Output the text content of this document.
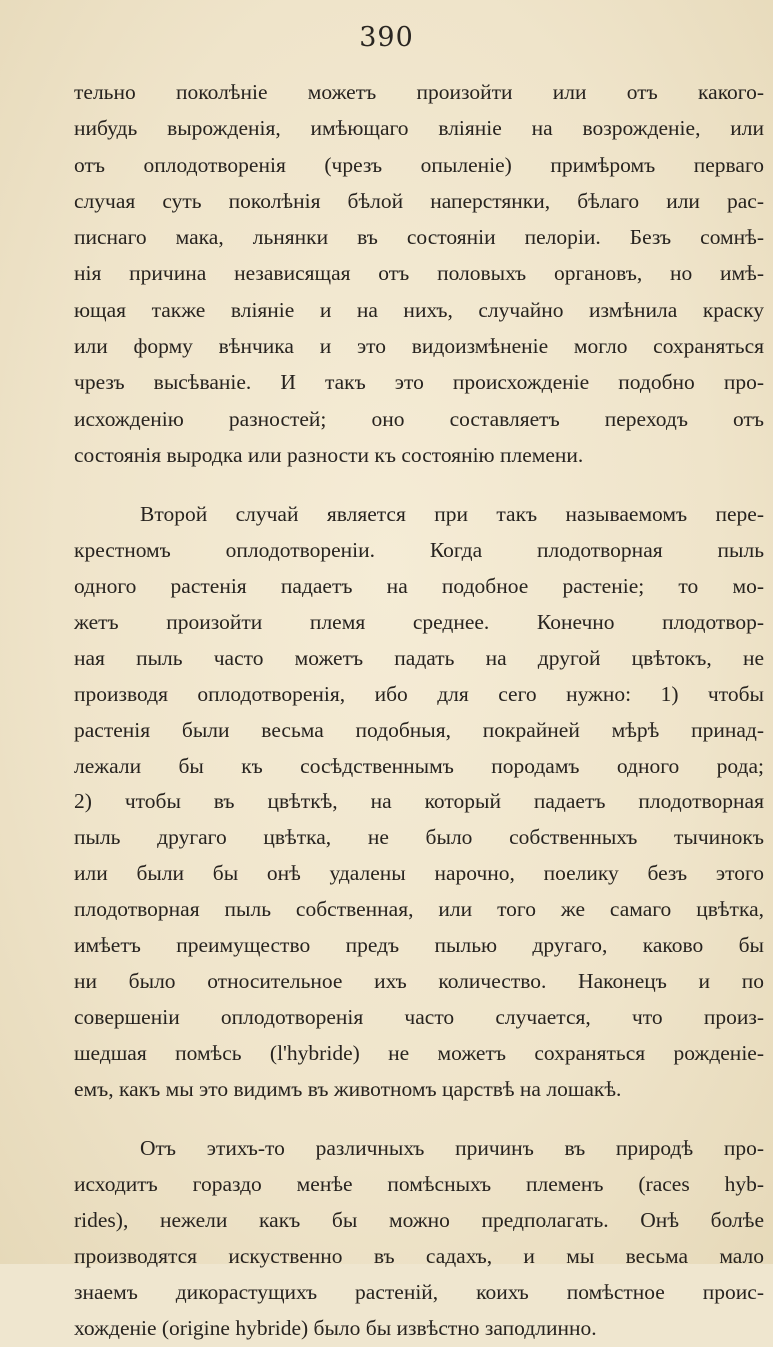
390
тельно поколѣніе можетъ произойти или отъ какого-
нибудь вырожденія, имѣющаго вліяніе на возрожденіе, или
отъ оплодотворенія (чрезъ опыленіе) примѣромъ перваго
случая суть поколѣнія бѣлой наперстянки, бѣлаго или рас-
писнаго мака, льнянки въ состояніи пелоріи. Безъ сомнѣ-
нія причина независящая отъ половыхъ органовъ, но имѣ-
ющая также вліяніе и на нихъ, случайно измѣнила краску
или форму вѣнчика и это видоизмѣненіе могло сохраняться
чрезъ высѣваніе. И такъ это происхожденіе подобно про-
исхожденію разностей; оно составляетъ переходъ отъ
состоянія выродка или разности къ состоянію племени.
Второй случай является при такъ называемомъ пере-
крестномъ оплодотвореніи. Когда плодотворная пыль
одного растенія падаетъ на подобное растеніе; то мо-
жетъ произойти племя среднее. Конечно плодотвор-
ная пыль часто можетъ падать на другой цвѣтокъ, не
производя оплодотворенія, ибо для сего нужно: 1) чтобы
растенія были весьма подобныя, покрайней мѣрѣ принад-
лежали бы къ сосѣдственнымъ породамъ одного рода;
2) чтобы въ цвѣткѣ, на который падаетъ плодотворная
пыль другаго цвѣтка, не было собственныхъ тычинокъ
или были бы онѣ удалены нарочно, поелику безъ этого
плодотворная пыль собственная, или того же самаго цвѣтка,
имѣетъ преимущество предъ пылью другаго, каково бы
ни было относительное ихъ количество. Наконецъ и по
совершеніи оплодотворенія часто случается, что произ-
шедшая помѣсь (l'hybride) не можетъ сохраняться рожденіе-
емъ, какъ мы это видимъ въ животномъ царствѣ на лошакѣ.
Отъ этихъ-то различныхъ причинъ въ природѣ про-
исходитъ гораздо менѣе помѣсныхъ племенъ (races hyb-
rides), нежели какъ бы можно предполагать. Онѣ болѣе
производятся искуственно въ садахъ, и мы весьма мало
знаемъ дикорастущихъ растеній, коихъ помѣстное проис-
хожденіе (origine hybride) было бы извѣстно заподлинно.
